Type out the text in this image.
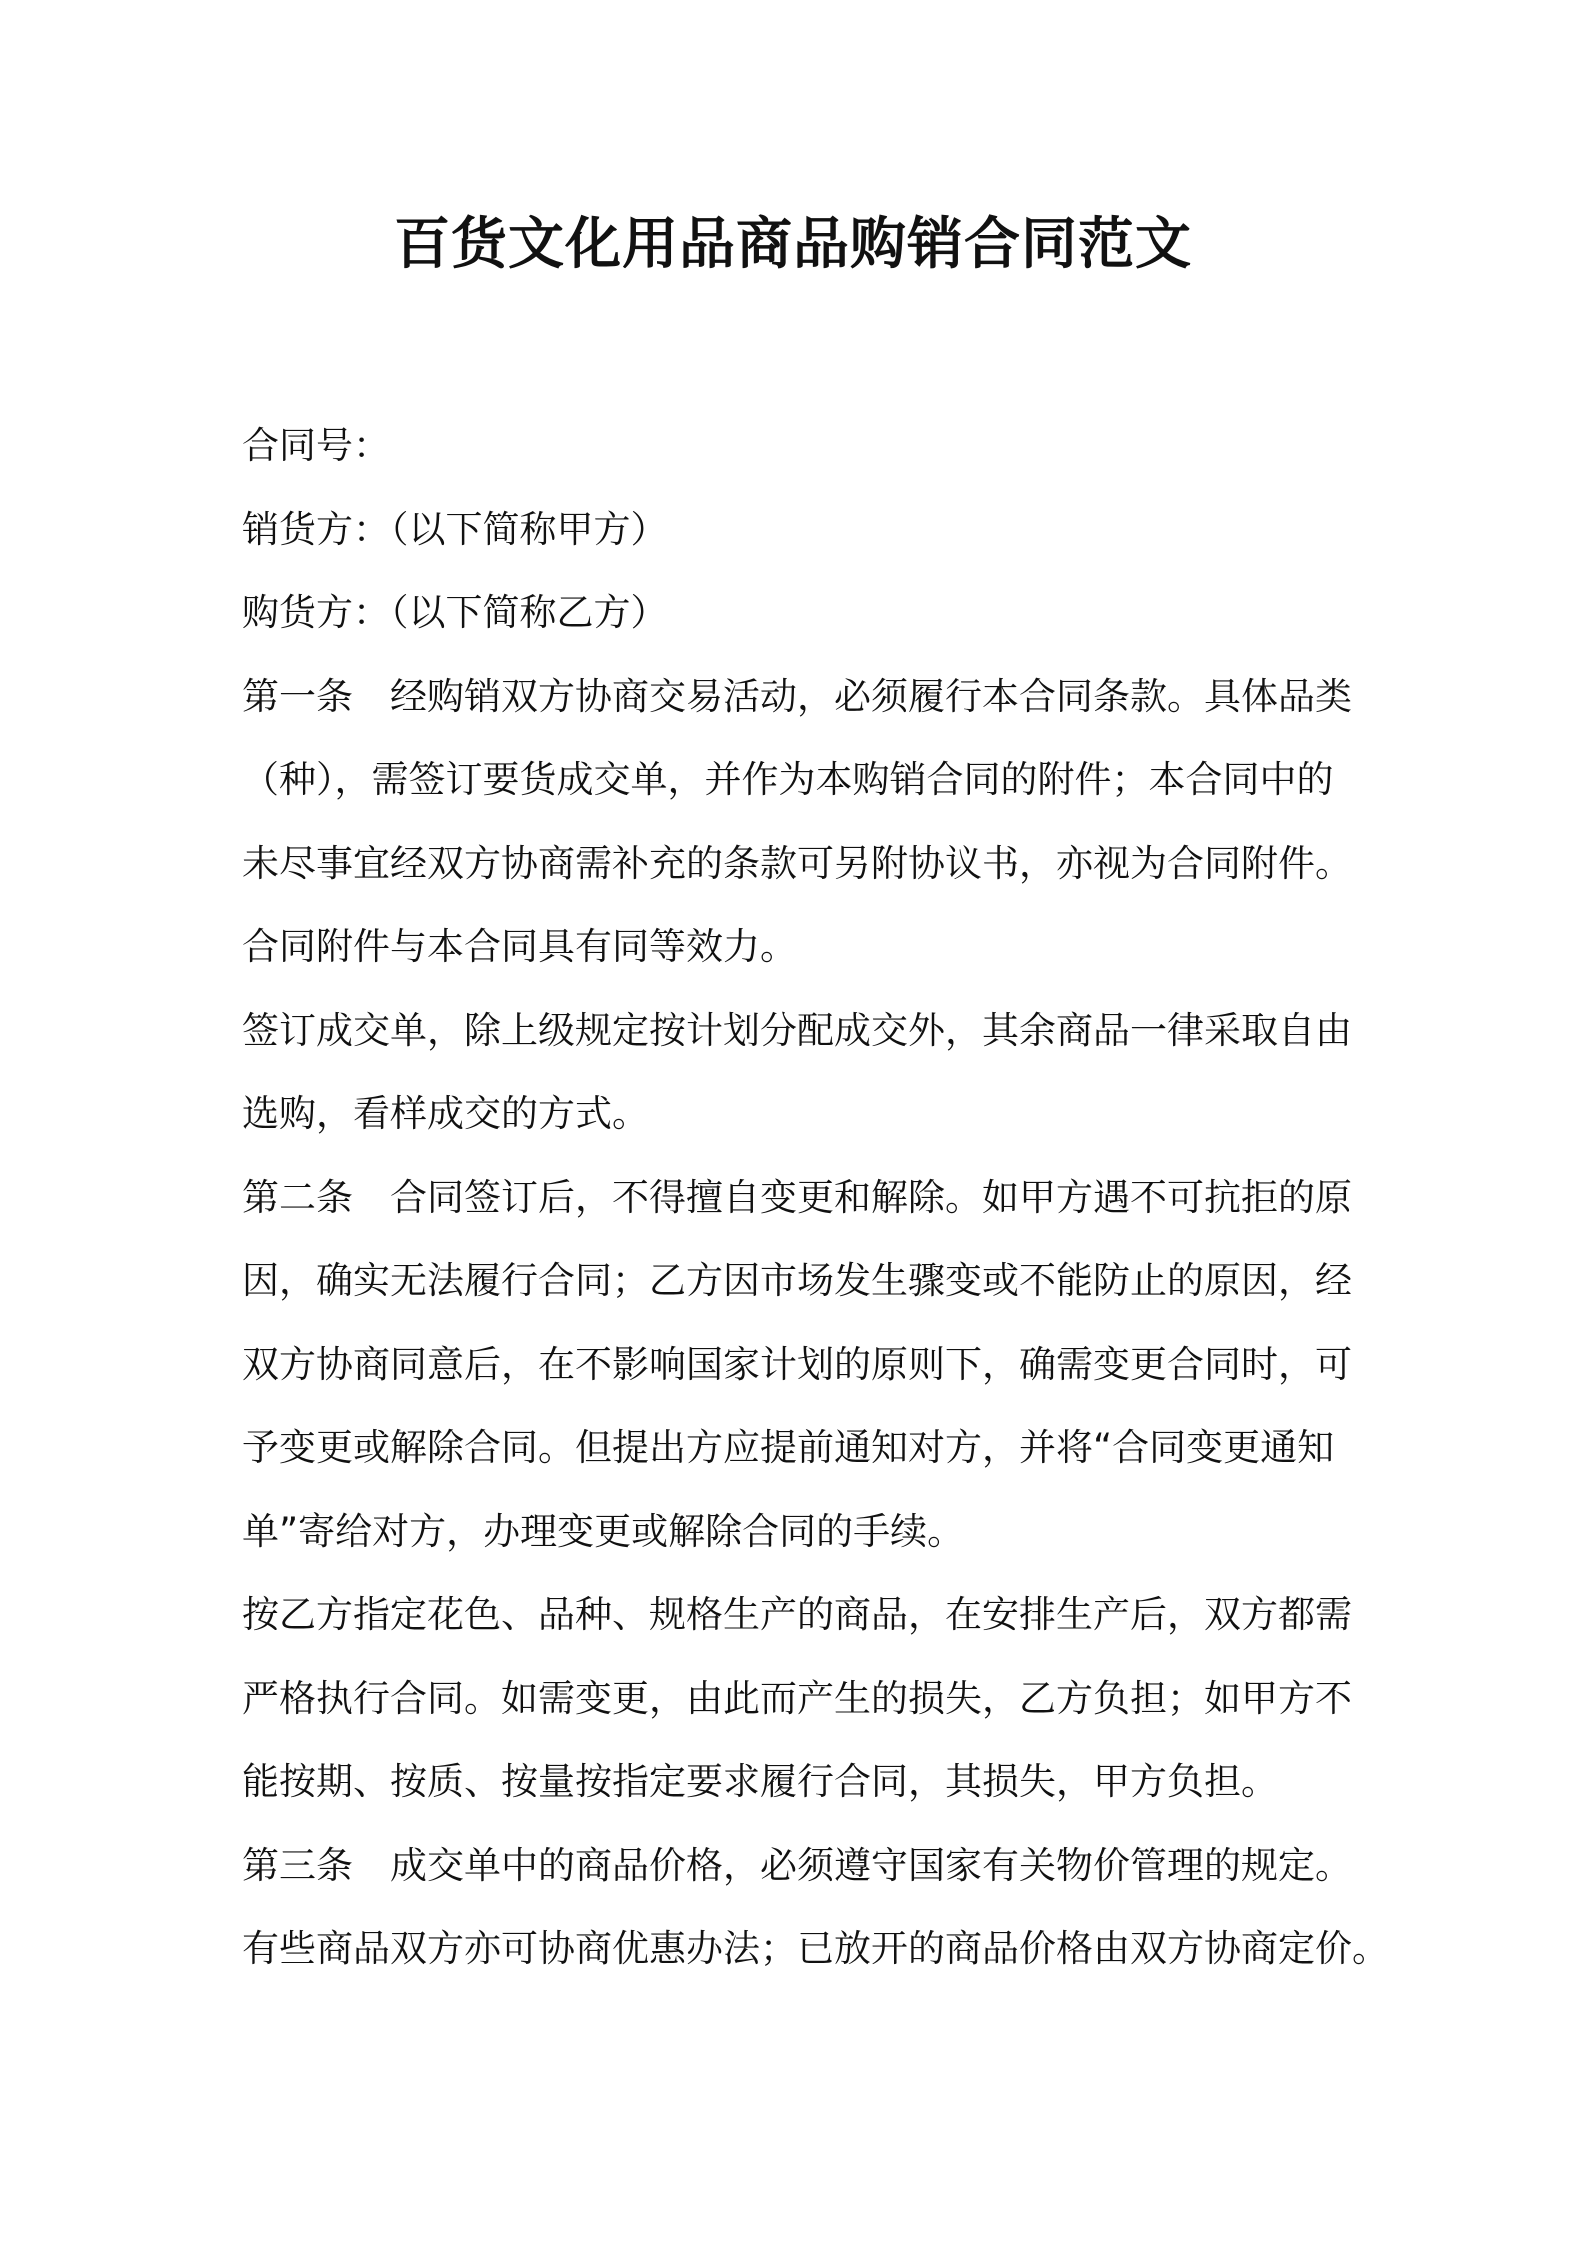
百货文化用品商品购销合同范文
合同号：
销货方：（以下简称甲方）
购货方：（以下简称乙方）
第一条　经购销双方协商交易活动，必须履行本合同条款。具体品类
（种），需签订要货成交单，并作为本购销合同的附件；本合同中的
未尽事宜经双方协商需补充的条款可另附协议书，亦视为合同附件。
合同附件与本合同具有同等效力。
签订成交单，除上级规定按计划分配成交外，其余商品一律采取自由
选购，看样成交的方式。
第二条　合同签订后，不得擅自变更和解除。如甲方遇不可抗拒的原
因，确实无法履行合同；乙方因市场发生骤变或不能防止的原因，经
双方协商同意后，在不影响国家计划的原则下，确需变更合同时，可
予变更或解除合同。但提出方应提前通知对方，并将“合同变更通知
单”寄给对方，办理变更或解除合同的手续。
按乙方指定花色、品种、规格生产的商品，在安排生产后，双方都需
严格执行合同。如需变更，由此而产生的损失，乙方负担；如甲方不
能按期、按质、按量按指定要求履行合同，其损失，甲方负担。
第三条　成交单中的商品价格，必须遵守国家有关物价管理的规定。
有些商品双方亦可协商优惠办法；已放开的商品价格由双方协商定价。
